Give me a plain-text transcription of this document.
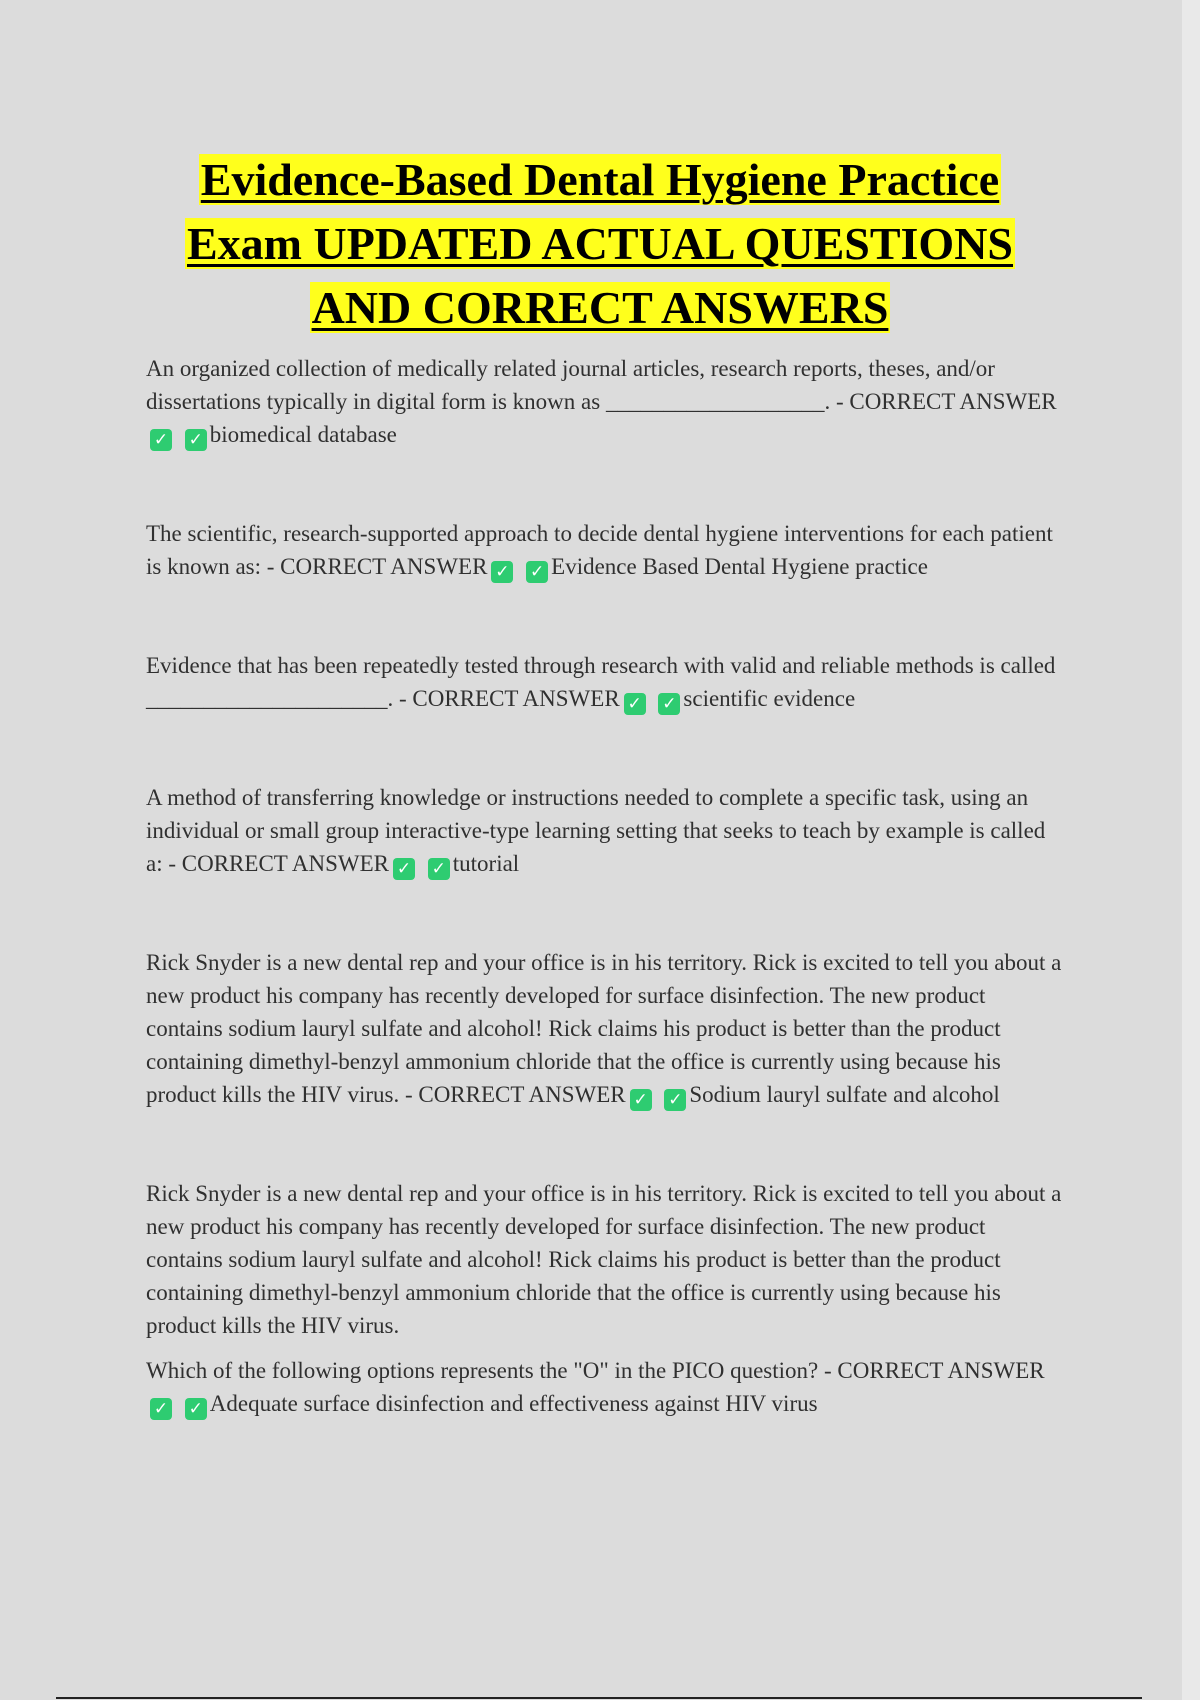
Evidence-Based Dental Hygiene Practice
Exam UPDATED ACTUAL QUESTIONS
AND CORRECT ANSWERS

An organized collection of medically related journal articles, research reports, theses, and/or dissertations typically in digital form is known as ___________________. - CORRECT ANSWER✓ ✓ biomedical database

The scientific, research-supported approach to decide dental hygiene interventions for each patient is known as: - CORRECT ANSWER ✓ ✓ Evidence Based Dental Hygiene practice

Evidence that has been repeatedly tested through research with valid and reliable methods is called _____________________. - CORRECT ANSWER ✓ ✓ scientific evidence

A method of transferring knowledge or instructions needed to complete a specific task, using an individual or small group interactive-type learning setting that seeks to teach by example is called a: - CORRECT ANSWER ✓ ✓ tutorial

Rick Snyder is a new dental rep and your office is in his territory. Rick is excited to tell you about a new product his company has recently developed for surface disinfection. The new product contains sodium lauryl sulfate and alcohol! Rick claims his product is better than the product containing dimethyl-benzyl ammonium chloride that the office is currently using because his product kills the HIV virus. - CORRECT ANSWER ✓ ✓ Sodium lauryl sulfate and alcohol

Rick Snyder is a new dental rep and your office is in his territory. Rick is excited to tell you about a new product his company has recently developed for surface disinfection. The new product contains sodium lauryl sulfate and alcohol! Rick claims his product is better than the product containing dimethyl-benzyl ammonium chloride that the office is currently using because his product kills the HIV virus.

Which of the following options represents the "O" in the PICO question? - CORRECT ANSWER✓ ✓ Adequate surface disinfection and effectiveness against HIV virus
